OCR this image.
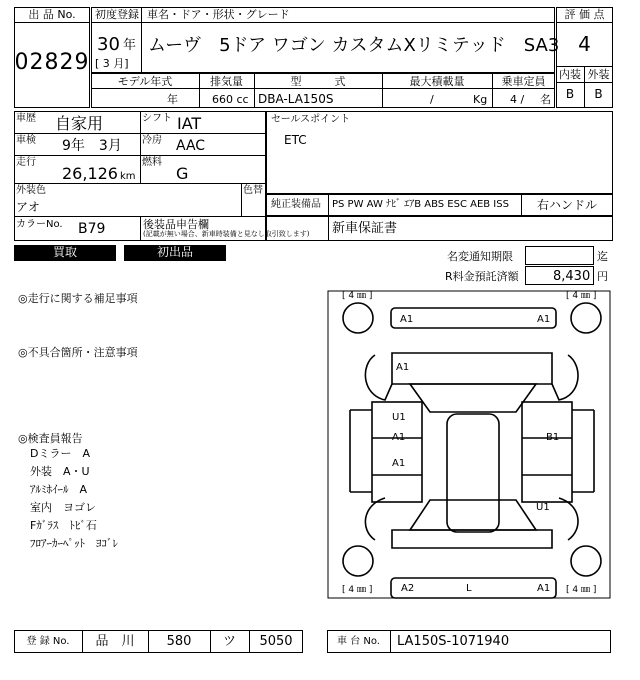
出 品 No.
02829
初度登録 車名・ドア・形状・グレード
30 年
[ 3 月]
ムーヴ　5ドア ワゴン カスタムXリミテッド　SA3
評 価 点
4
内装 外装
B	B
モデル年式
年
排気量
660 cc
型　　　式
DBA-LA150S
最大積載量
/	Kg
乗車定員
4 / 名
車歴 自家用	シフト IAT
車検 9年　3月 冷房 AAC
走行
26,126 km
燃料
G
外装色
アオ
色替
カラーNo. B79	後装品申告欄
(記載が無い場合、新車時装備と見なし取引致します)
セールスポイント
ETC
純正装備品 PS PW AW ﾅﾋﾞ ｴｱB ABS ESC AEB ISS	右ハンドル
新車保証書
買取	初出品	名変通知期限	迄
R料金預託済額	8,430 円
◎走行に関する補足事項
◎不具合箇所・注意事項
◎検査員報告
Dミラー　A
外装　A・U
ｱﾙﾐﾎｲｰﾙ　A
室内　ヨゴレ
Fｶﾞﾗｽ　ﾄﾋﾞ石
ﾌﾛｱｰｶｰﾍﾟｯﾄ　ﾖｺﾞﾚ
[ 4 ㎜ ]	[ 4 ㎜ ]
[ 4 ㎜ ]	[ 4 ㎜ ]
A1	A1
A1
U1
A1
A1
B1
U1
A2	L	A1
登 録 No.	品　川	580	ツ	5050	車 台 No.	LA150S-1071940
